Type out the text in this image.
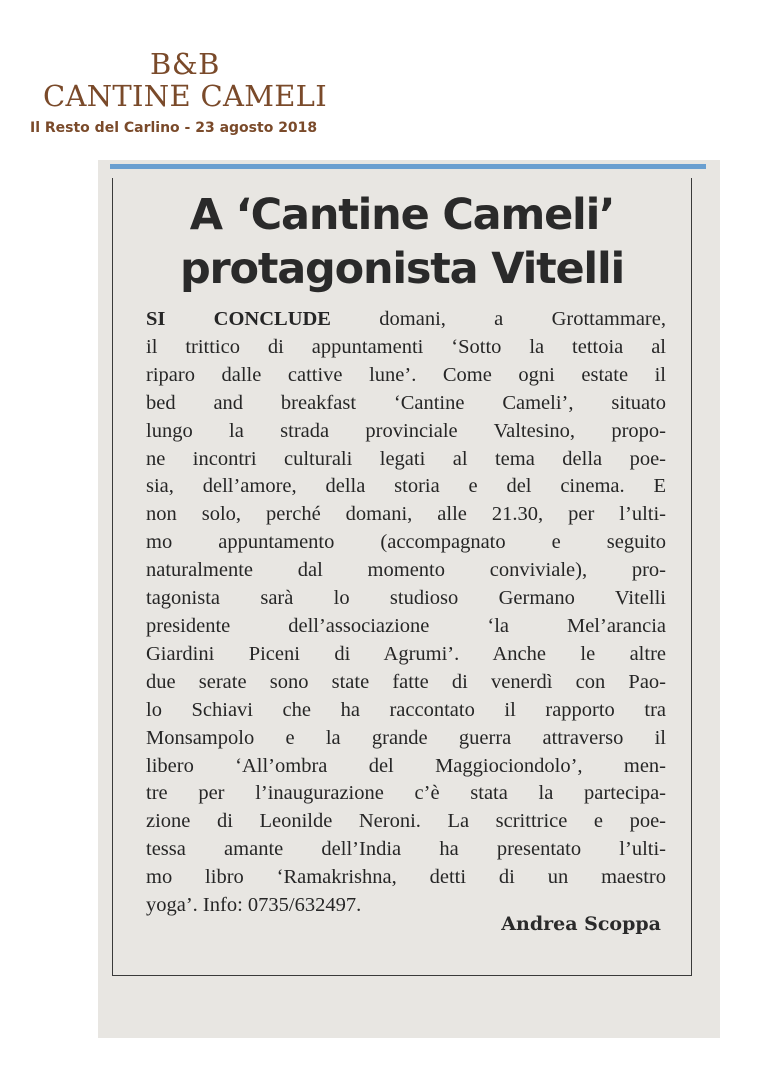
B&B
CANTINE CAMELI
Il Resto del Carlino - 23 agosto 2018
A ‘Cantine Cameli’
protagonista Vitelli
SI CONCLUDE domani, a Grottammare,
il trittico di appuntamenti ‘Sotto la tettoia al
riparo dalle cattive lune’. Come ogni estate il
bed and breakfast ‘Cantine Cameli’, situato
lungo la strada provinciale Valtesino, propo-
ne incontri culturali legati al tema della poe-
sia, dell’amore, della storia e del cinema. E
non solo, perché domani, alle 21.30, per l’ulti-
mo appuntamento (accompagnato e seguito
naturalmente dal momento conviviale), pro-
tagonista sarà lo studioso Germano Vitelli
presidente dell’associazione ‘la Mel’arancia
Giardini Piceni di Agrumi’. Anche le altre
due serate sono state fatte di venerdì con Pao-
lo Schiavi che ha raccontato il rapporto tra
Monsampolo e la grande guerra attraverso il
libero ‘All’ombra del Maggiociondolo’, men-
tre per l’inaugurazione c’è stata la partecipa-
zione di Leonilde Neroni. La scrittrice e poe-
tessa amante dell’India ha presentato l’ulti-
mo libro ‘Ramakrishna, detti di un maestro
yoga’. Info: 0735/632497.
Andrea Scoppa
